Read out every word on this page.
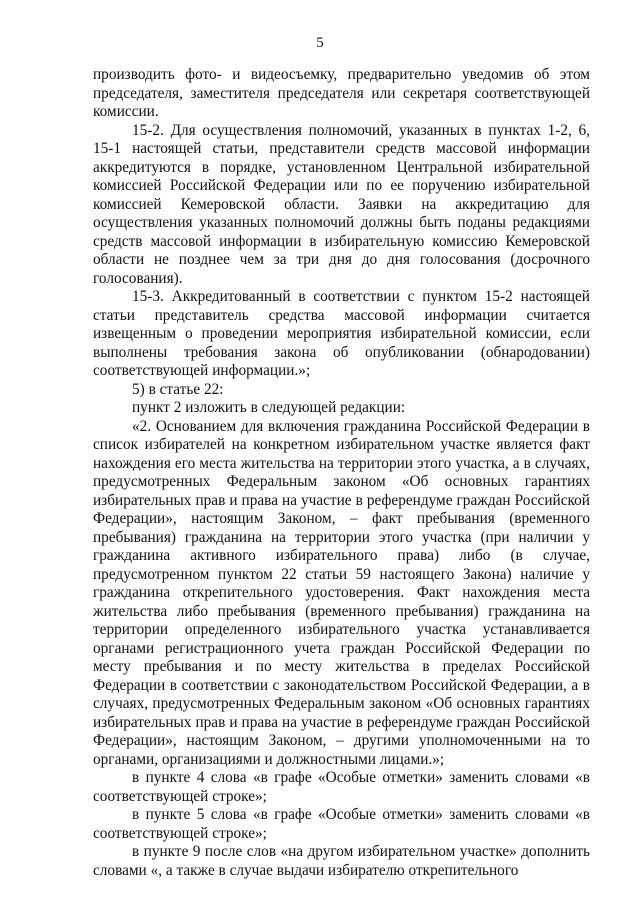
5

производить фото- и видеосъемку, предварительно уведомив об этом председателя, заместителя председателя или секретаря соответствующей комиссии.

15-2. Для осуществления полномочий, указанных в пунктах 1-2, 6, 15-1 настоящей статьи, представители средств массовой информации аккредитуются в порядке, установленном Центральной избирательной комиссией Российской Федерации или по ее поручению избирательной комиссией Кемеровской области. Заявки на аккредитацию для осуществления указанных полномочий должны быть поданы редакциями средств массовой информации в избирательную комиссию Кемеровской области не позднее чем за три дня до дня голосования (досрочного голосования).

15-3. Аккредитованный в соответствии с пунктом 15-2 настоящей статьи представитель средства массовой информации считается извещенным о проведении мероприятия избирательной комиссии, если выполнены требования закона об опубликовании (обнародовании) соответствующей информации.»;

5) в статье 22:

пункт 2 изложить в следующей редакции:

«2. Основанием для включения гражданина Российской Федерации в список избирателей на конкретном избирательном участке является факт нахождения его места жительства на территории этого участка, а в случаях, предусмотренных Федеральным законом «Об основных гарантиях избирательных прав и права на участие в референдуме граждан Российской Федерации», настоящим Законом, – факт пребывания (временного пребывания) гражданина на территории этого участка (при наличии у гражданина активного избирательного права) либо (в случае, предусмотренном пунктом 22 статьи 59 настоящего Закона) наличие у гражданина открепительного удостоверения. Факт нахождения места жительства либо пребывания (временного пребывания) гражданина на территории определенного избирательного участка устанавливается органами регистрационного учета граждан Российской Федерации по месту пребывания и по месту жительства в пределах Российской Федерации в соответствии с законодательством Российской Федерации, а в случаях, предусмотренных Федеральным законом «Об основных гарантиях избирательных прав и права на участие в референдуме граждан Российской Федерации», настоящим Законом, – другими уполномоченными на то органами, организациями и должностными лицами.»;

в пункте 4 слова «в графе «Особые отметки» заменить словами «в соответствующей строке»;

в пункте 5 слова «в графе «Особые отметки» заменить словами «в соответствующей строке»;

в пункте 9 после слов «на другом избирательном участке» дополнить словами «, а также в случае выдачи избирателю открепительного
